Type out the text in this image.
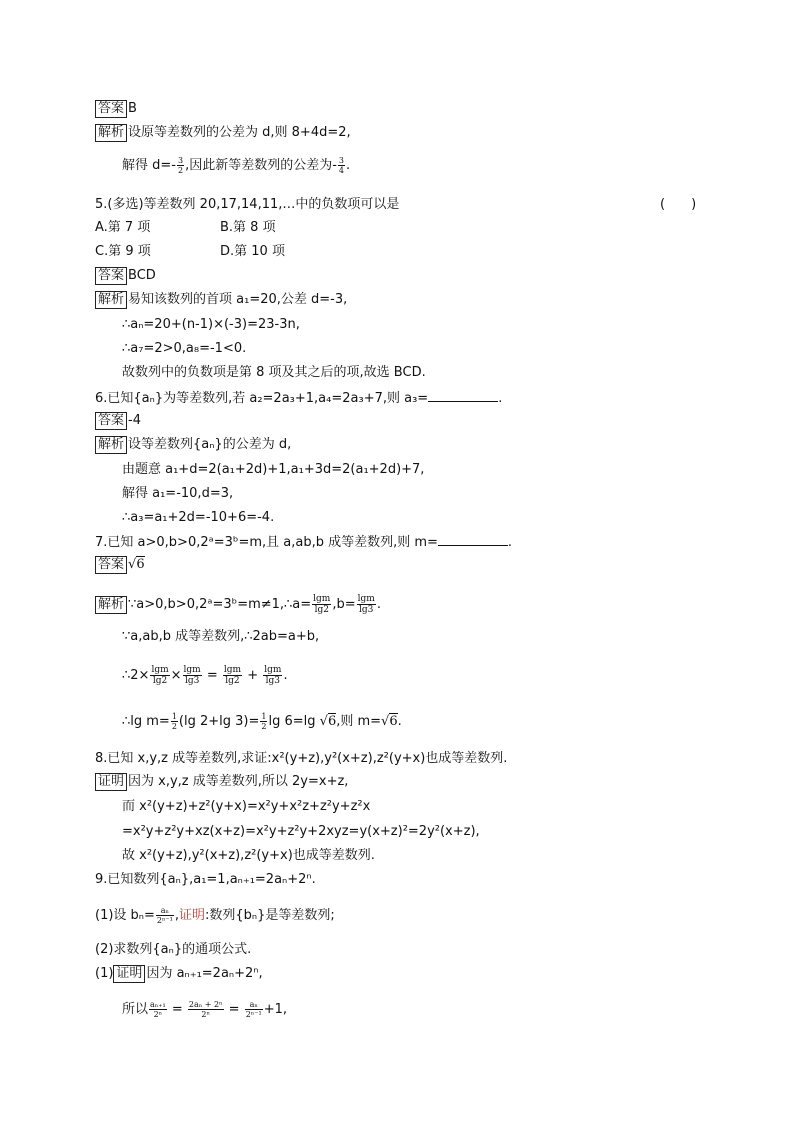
答案 B
解析 设原等差数列的公差为 d,则 8+4d=2,
解得 $d=- \frac{3}{2}$ ,因此新等差数列的公差为- $\frac{3}{4}$ .
5.(多选)等差数列 20,17,14,11,…中的负数项可以是	(　　)
A.第 7 项	B.第 8 项
C.第 9 项	D.第 10 项
答案 BCD
解析 易知该数列的首项 a₁=20,公差 d=-3,
∴aₙ=20+(n-1)×(-3)=23-3n,
∴a₇=2>0,a₈=-1<0.
故数列中的负数项是第 8 项及其之后的项,故选 BCD.
6.已知{aₙ}为等差数列,若 a₂=2a₃+1,a₄=2a₃+7,则 a₃=	.
答案 -4
解析 设等差数列{aₙ}的公差为 d,
由题意 a₁+d=2(a₁+2d)+1,a₁+3d=2(a₁+2d)+7,
解得 a₁=-10,d=3,
∴a₃=a₁+2d=-10+6=-4.
7.已知 a>0,b>0,2ᵃ=3ᵇ=m,且 a,ab,b 成等差数列,则 m=	.
答案 √6
解析 ∵a>0,b>0,2ᵃ=3ᵇ=m≠1,∴a= $\frac{\lg m}{\lg 2} ,b= \frac{\lg m}{\lg 3}$ .
∵a,ab,b 成等差数列,∴2ab=a+b,
∴2× $\frac{\lg m}{\lg 2} \times \frac{\lg m}{\lg 3} = \frac{\lg m}{\lg 2} + \frac{\lg m}{\lg 3}$ .
∴lg $m= \frac{1}{2} (\lg$ 2+lg $3)= \frac{1}{2}$ lg 6=lg √6,则 m=√6.
8.已知 x,y,z 成等差数列,求证:x²(y+z),y²(x+z),z²(y+x)也成等差数列.
证明 因为 x,y,z 成等差数列,所以 2y=x+z,
而 x²(y+z)+z²(y+x)=x²y+x²z+z²y+z²x
=x²y+z²y+xz(x+z)=x²y+z²y+2xyz=y(x+z)²=2y²(x+z),
故 x²(y+z),y²(x+z),z²(y+x)也成等差数列.
9.已知数列{aₙ},a₁=1,aₙ₊₁=2aₙ+2ⁿ.
(1)设 $b_n= \frac{\text{aₙ}}{\text{2ⁿ⁻¹}}$ ,证明:数列{bₙ}是等差数列;
(2)求数列{aₙ}的通项公式.
(1) 证明 因为 aₙ₊₁=2aₙ+2ⁿ,
所以 $\frac{\text{aₙ₊₁}}{\text{2ⁿ}} = \frac{\text{2aₙ + 2ⁿ}}{\text{2ⁿ}} = \frac{\text{aₙ}}{\text{2ⁿ⁻¹}} +1$,
